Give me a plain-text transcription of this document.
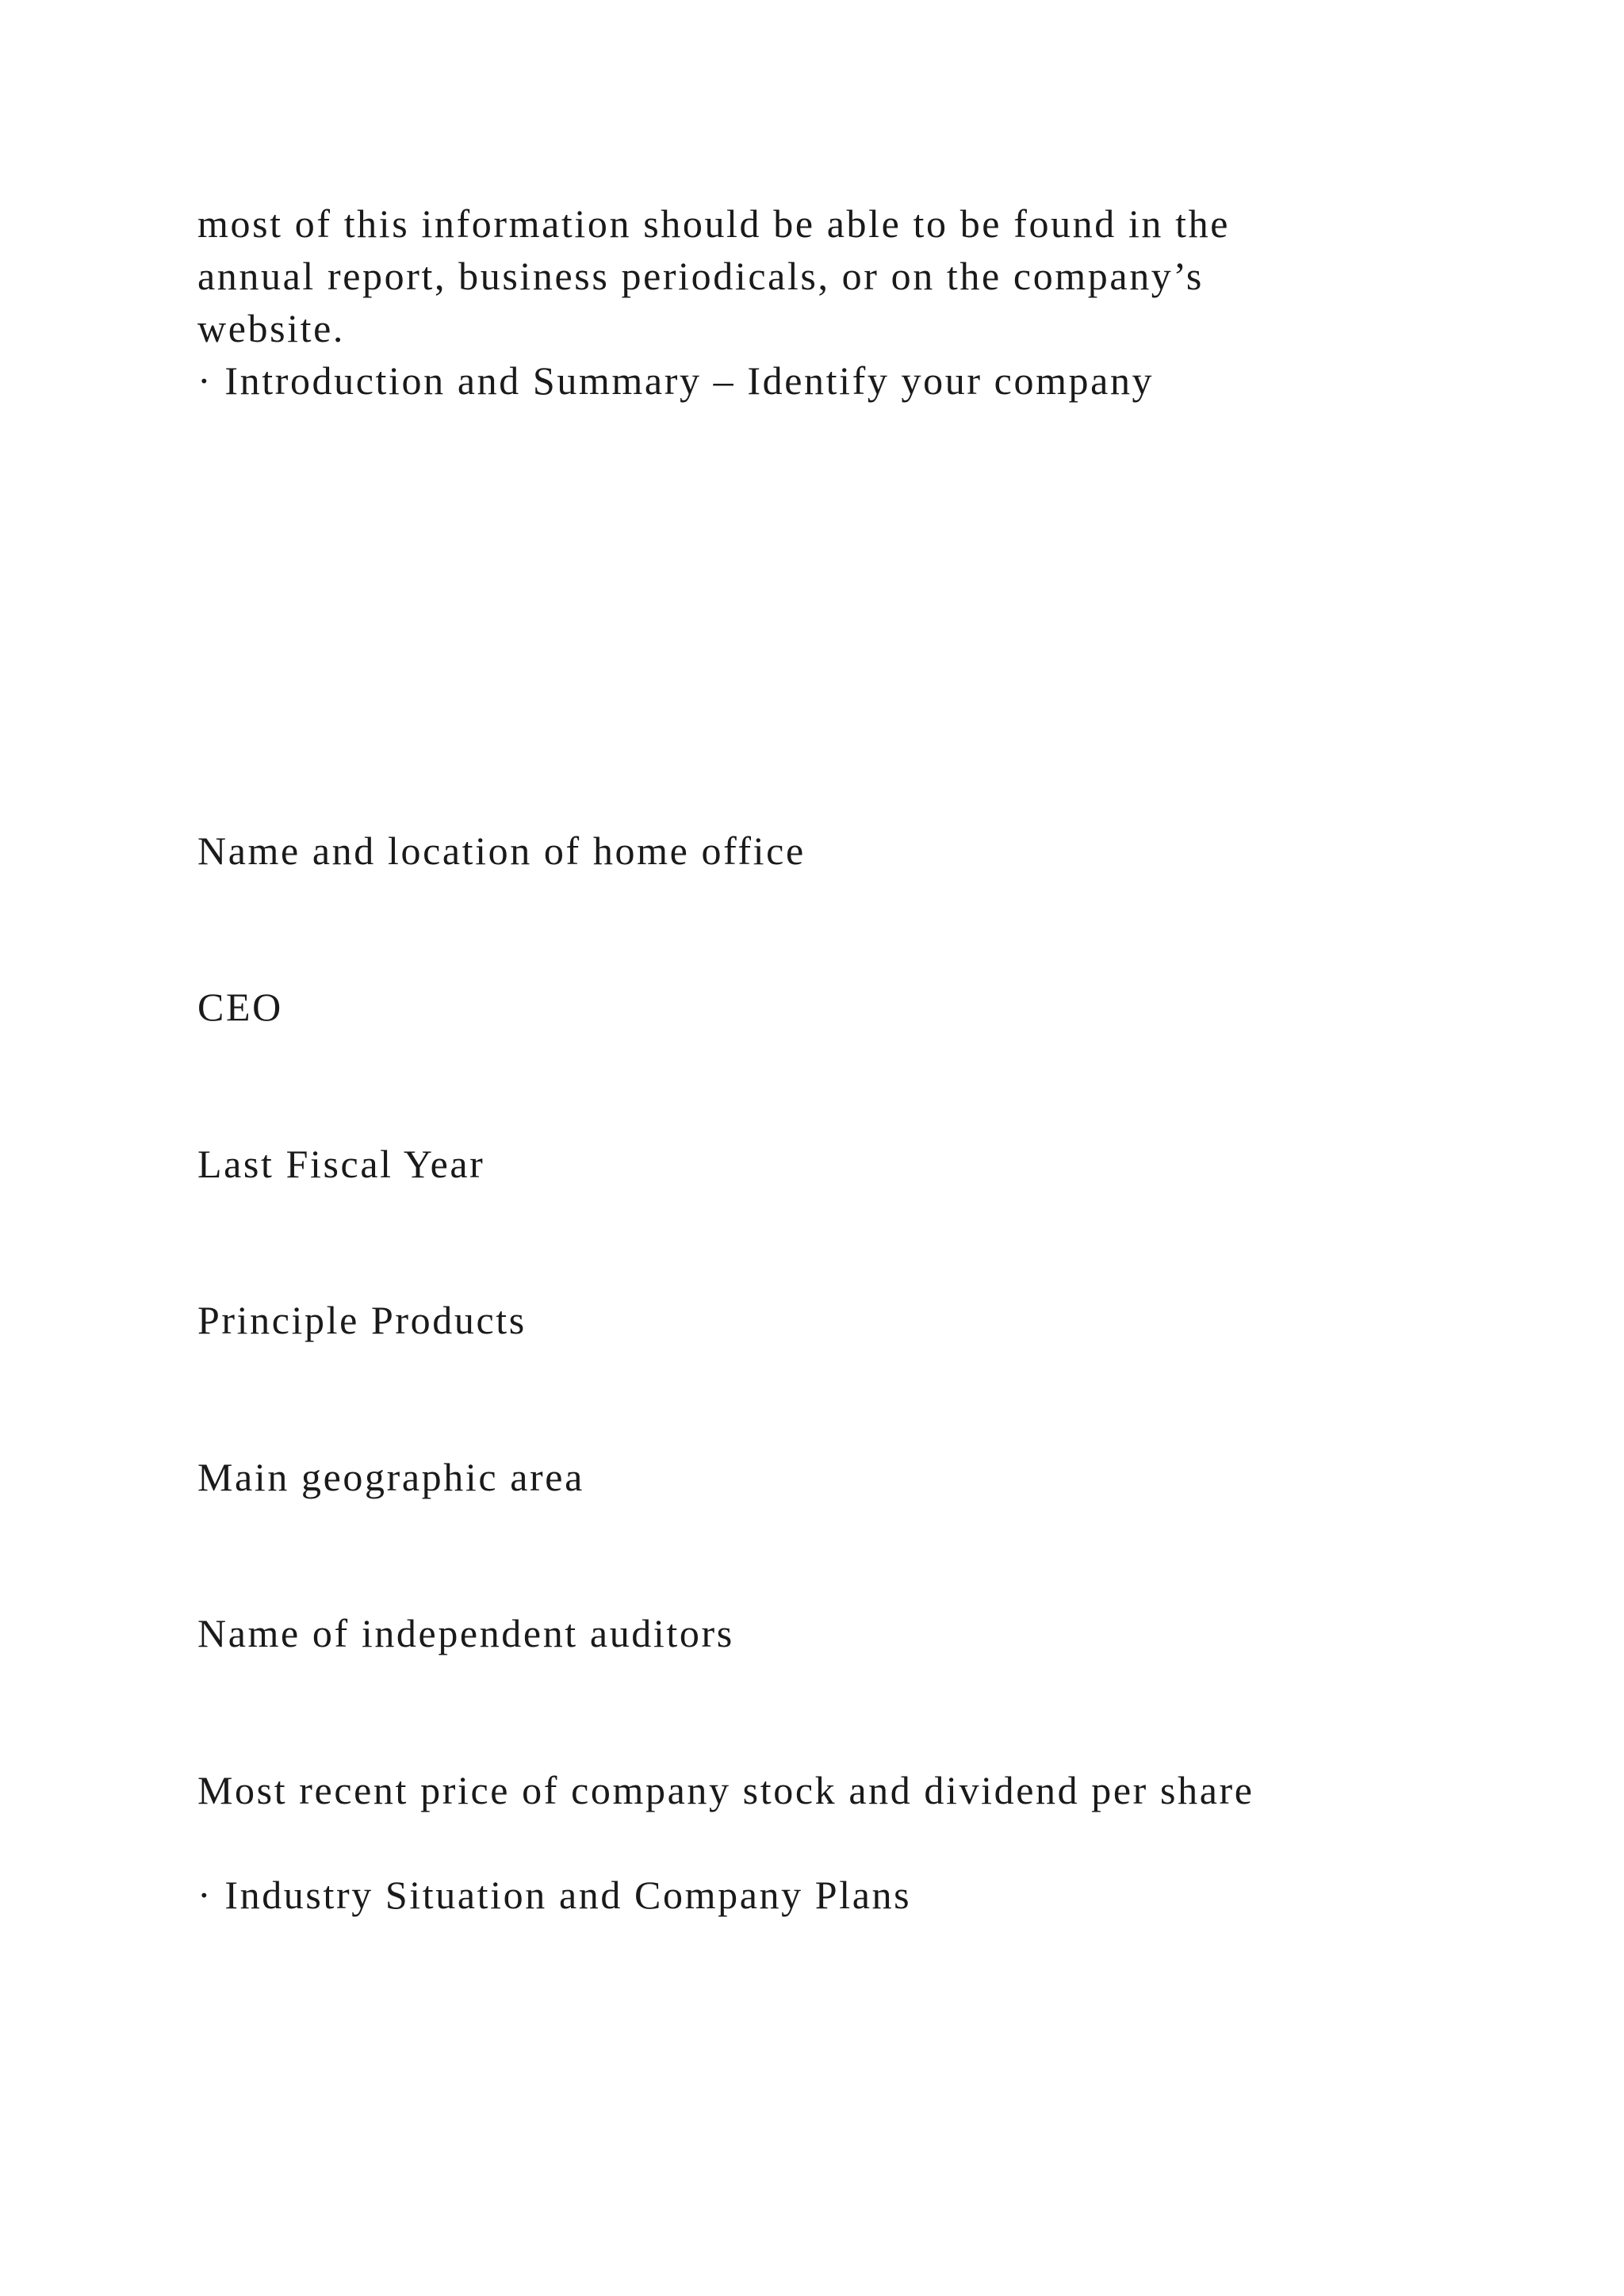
most of this information should be able to be found in the

annual report, business periodicals, or on the company’s

website.

· Introduction and Summary – Identify your company

Name and location of home office

CEO

Last Fiscal Year

Principle Products

Main geographic area

Name of independent auditors

Most recent price of company stock and dividend per share

· Industry Situation and Company Plans
